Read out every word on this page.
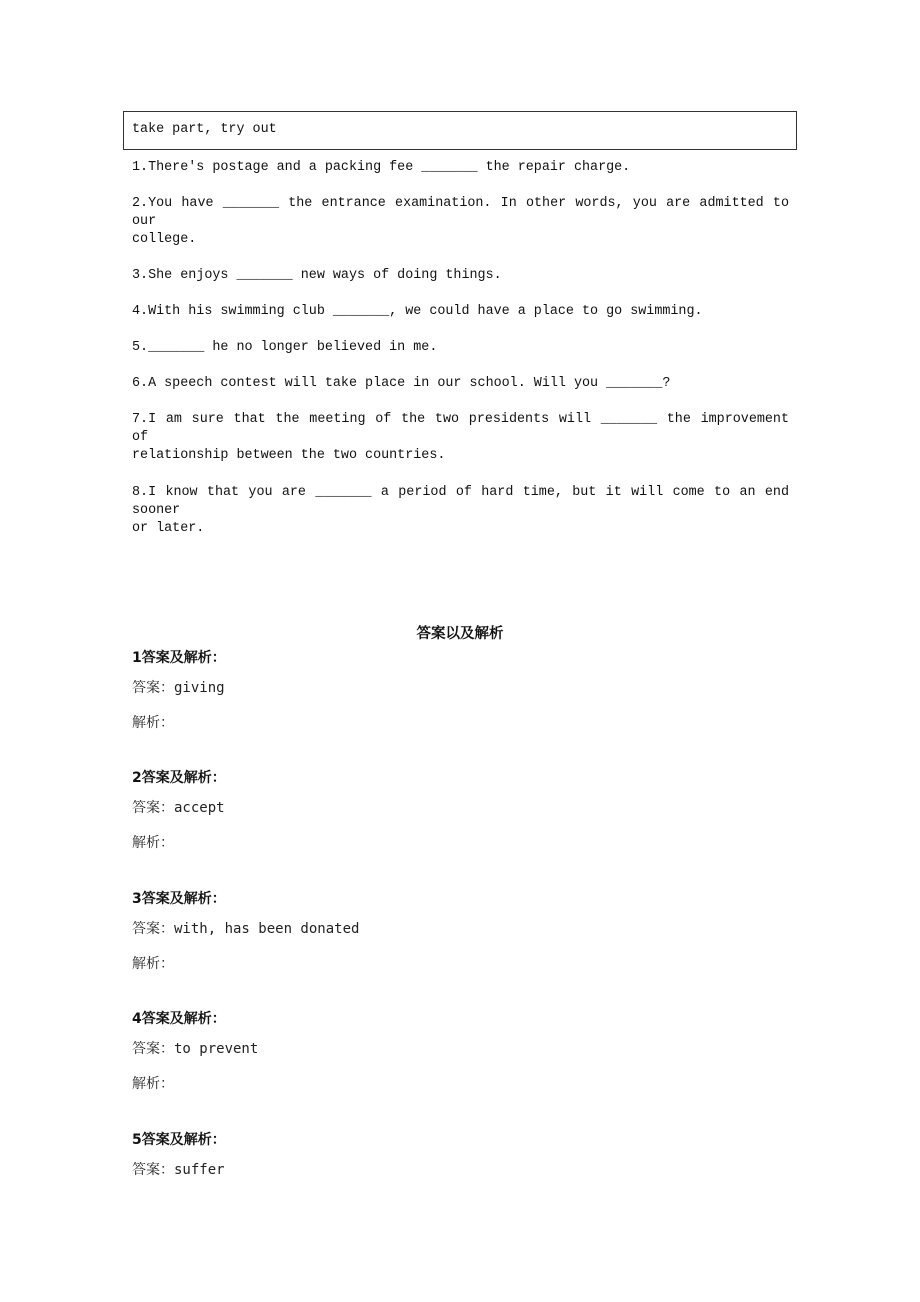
take part, try out
1.There's postage and a packing fee _______ the repair charge.
2.You have _______ the entrance examination. In other words, you are admitted to our
college.
3.She enjoys _______ new ways of doing things.
4.With his swimming club _______, we could have a place to go swimming.
5._______ he no longer believed in me.
6.A speech contest will take place in our school. Will you _______?
7.I am sure that the meeting of the two presidents will _______ the improvement of
relationship between the two countries.
8.I know that you are _______ a period of hard time, but it will come to an end sooner
or later.
答案以及解析
1答案及解析：
答案：giving
解析：
2答案及解析：
答案：accept
解析：
3答案及解析：
答案：with, has been donated
解析：
4答案及解析：
答案：to prevent
解析：
5答案及解析：
答案：suffer
